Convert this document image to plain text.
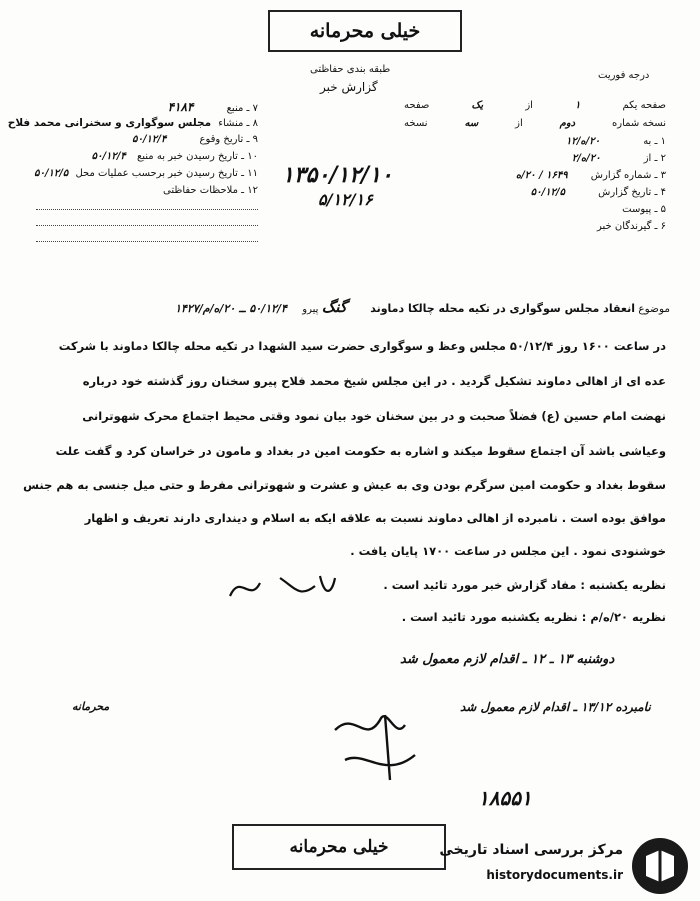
خیلی محرمانه
طبقه بندی حفاظتی
گزارش خبر
درجه فوریت
صفحه یکم
۱
از
یک
صفحه
نسخه شماره
دوم
از
سه
نسخه
۱ ـ به ۲۰/ه/۱۲
۲ ـ از ۲۰/ه/۲
۳ ـ شماره گزارش ۱۶۴۹ / ۲۰/ه
۴ ـ تاریخ گزارش ۵۰/۱۲/۵
۵ ـ پیوست
۶ ـ گیرندگان خبر
۷ ـ منبع ۴۱۸۴
۸ ـ منشاء مجلس سوگواری و سخنرانی محمد فلاح
۹ ـ تاریخ وقوع ۵۰/۱۲/۴
۱۰ ـ تاریخ رسیدن خبر به منبع ۵۰/۱۲/۴
۱۱ ـ تاریخ رسیدن خبر برحسب عملیات محل ۵۰/۱۲/۵
۱۲ ـ ملاحظات حفاظتی
۱۳۵۰/۱۲/۱۰
۵/۱۲/۱۶
موضوع انعقاد مجلس سوگواری در تکیه محله چالکا دماوند گنگ پیرو ۵۰/۱۲/۴ ــ ۲۰/ه/م/۱۴۲۷
در ساعت ۱۶۰۰ روز ۵۰/۱۲/۴ مجلس وعظ و سوگواری حضرت سید الشهدا در تکیه محله چالکا دماوند با شرکت
عده ای از اهالی دماوند تشکیل گردید . در این مجلس شیخ محمد فلاح پیرو سخنان روز گذشته خود درباره
نهضت امام حسین (ع) فضلاً صحبت و در بین سخنان خود بیان نمود وقتی محیط اجتماع محرک شهوترانی
وعیاشی باشد آن اجتماع سقوط میکند و اشاره به حکومت امین در بغداد و مامون در خراسان کرد و گفت علت
سقوط بغداد و حکومت امین سرگرم بودن وی به عیش و عشرت و شهوترانی مفرط و حتی میل جنسی به هم جنس
موافق بوده است . نامبرده از اهالی دماوند نسبت به علاقه ایکه به اسلام و دینداری دارند تعریف و اظهار
خوشنودی نمود . این مجلس در ساعت ۱۷۰۰ پایان یافت .
نظریه یکشنبه : مفاد گزارش خبر مورد تائید است .
نظریه ۲۰/ه/م : نظریه یکشنبه مورد تائید است .
دوشنبه ۱۳ ـ ۱۲ ـ اقدام لازم معمول شد
نامبرده ۱۳/۱۲ ـ اقدام لازم معمول شد
محرمانه
۱۸۵۵۱
خیلی محرمانه	مرکز بررسی اسناد تاریخی
historydocuments.ir
